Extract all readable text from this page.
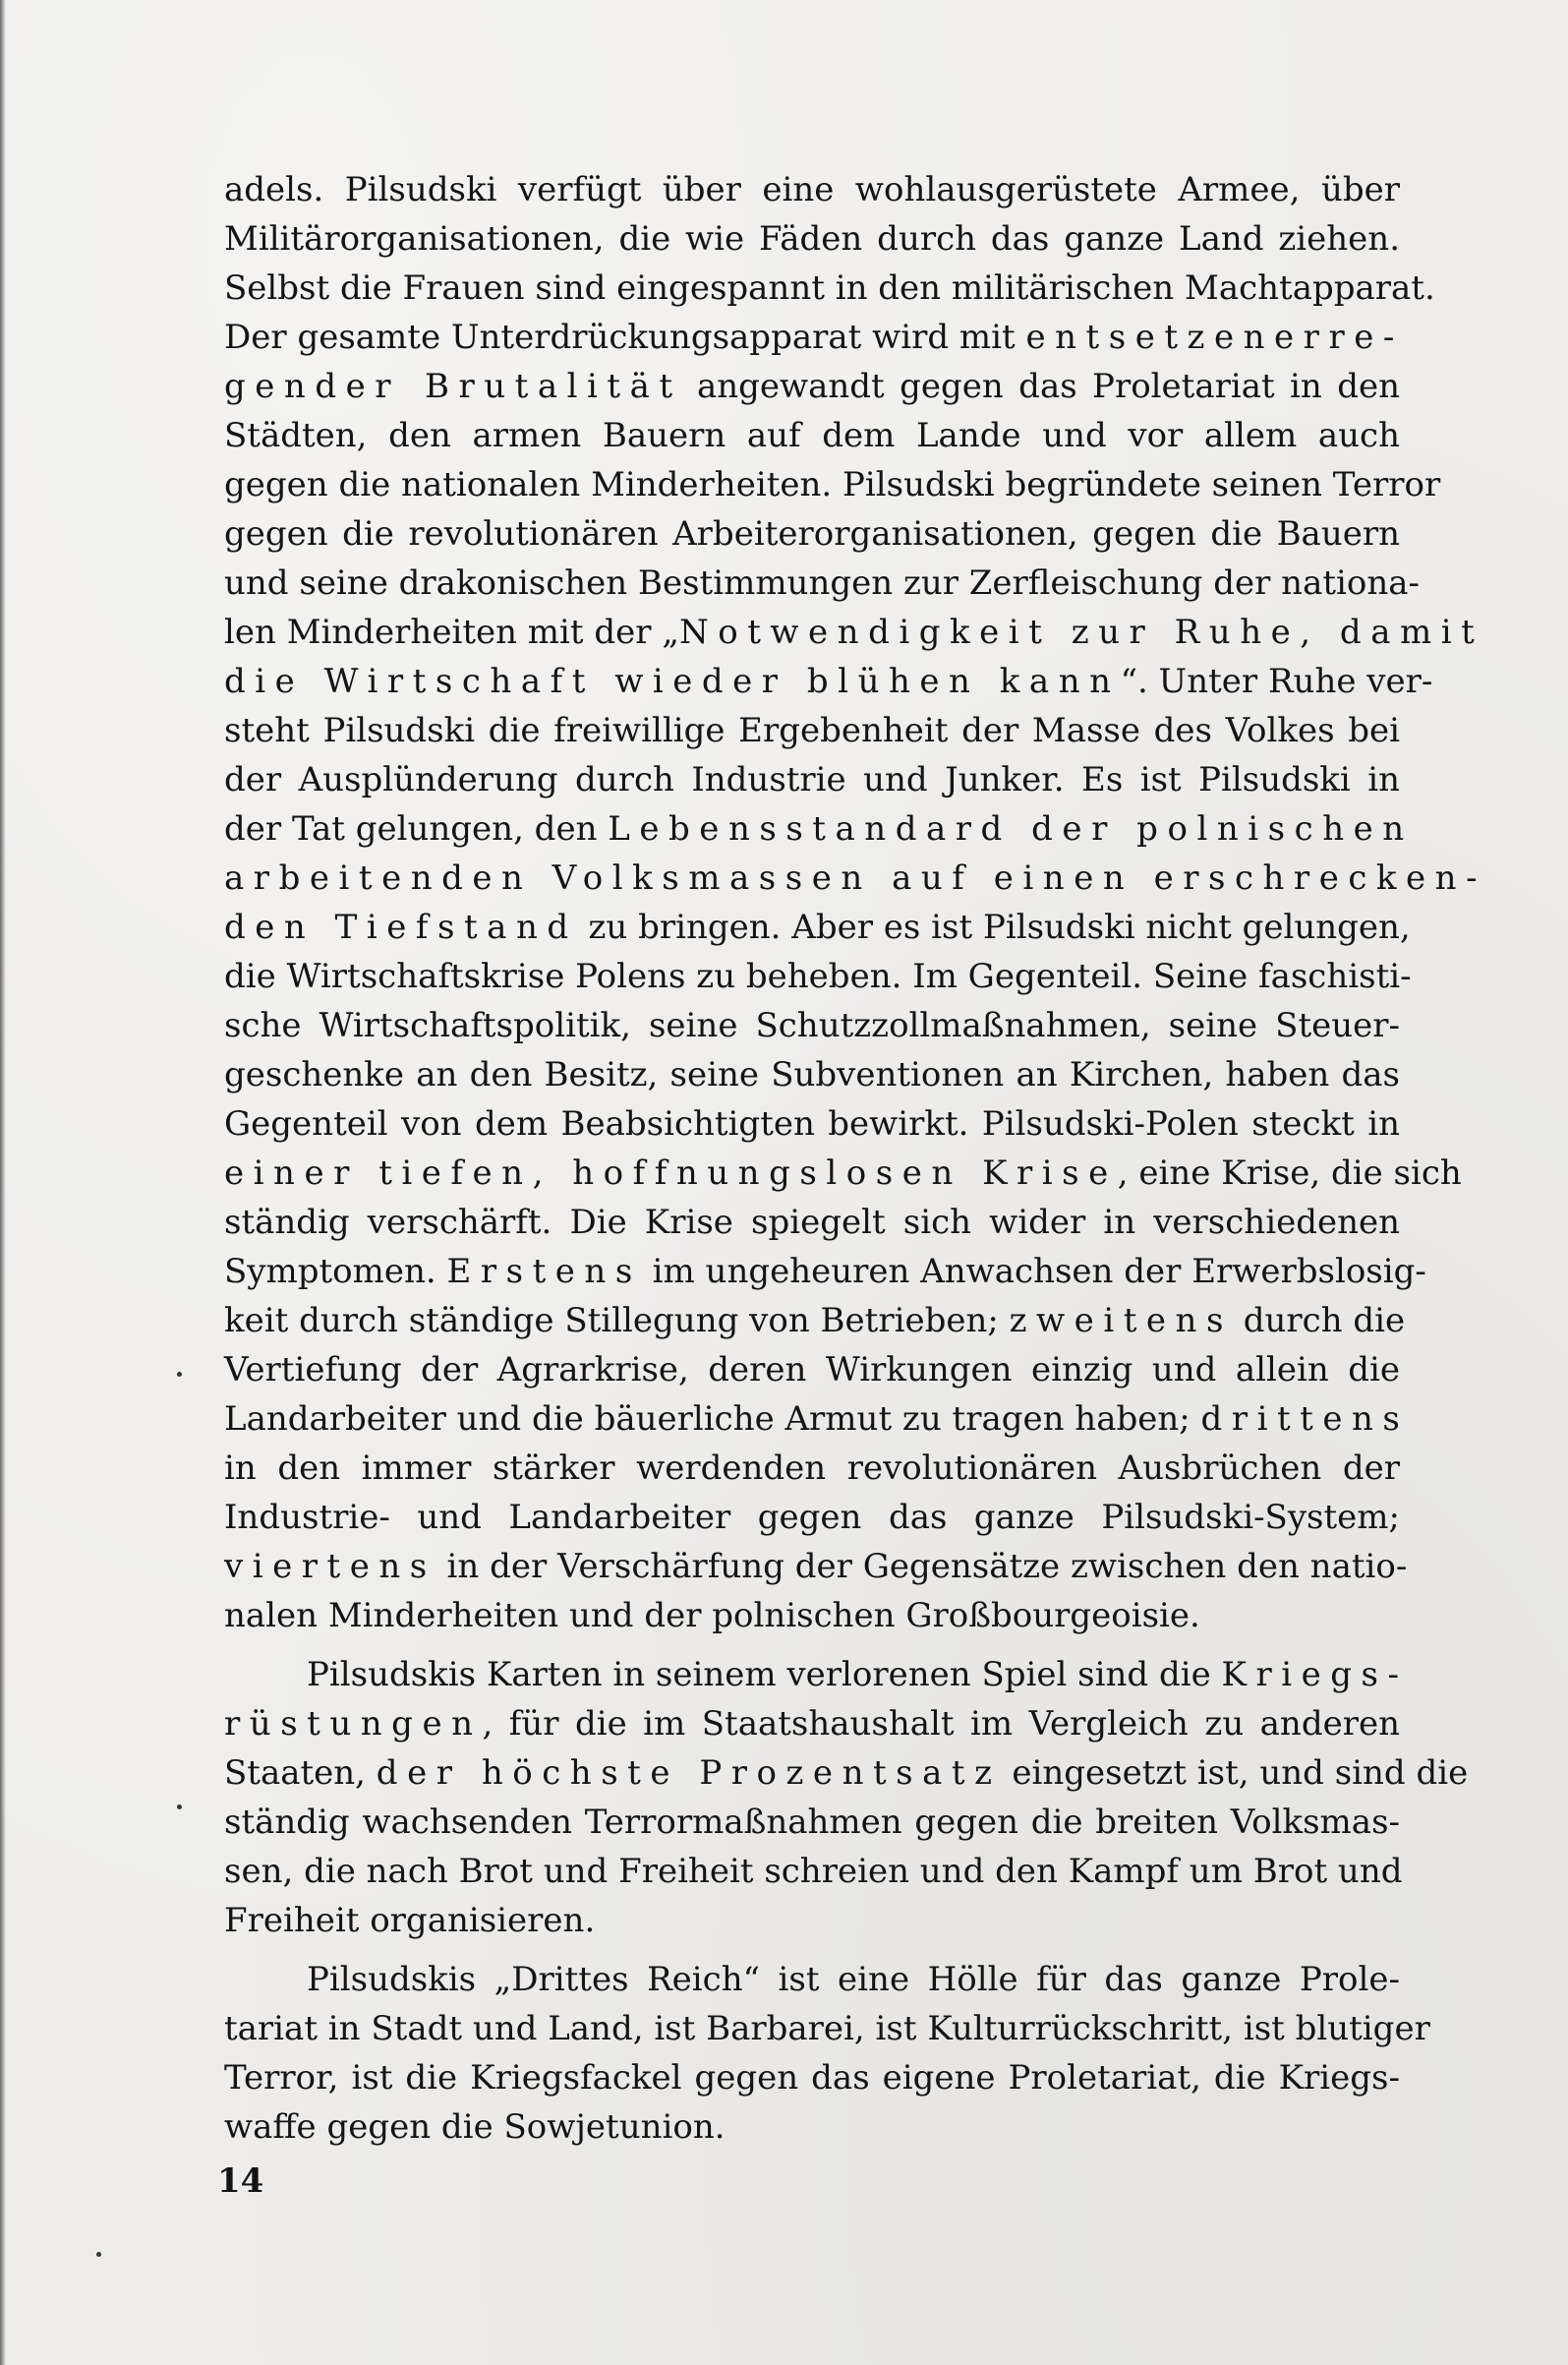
adels. Pilsudski verfügt über eine wohlausgerüstete Armee, über
Militärorganisationen, die wie Fäden durch das ganze Land ziehen.
Selbst die Frauen sind eingespannt in den militärischen Machtapparat.
Der gesamte Unterdrückungsapparat wird mit entsetzenerre-
gender Brutalität angewandt gegen das Proletariat in den
Städten, den armen Bauern auf dem Lande und vor allem auch
gegen die nationalen Minderheiten. Pilsudski begründete seinen Terror
gegen die revolutionären Arbeiterorganisationen, gegen die Bauern
und seine drakonischen Bestimmungen zur Zerfleischung der nationa-
len Minderheiten mit der „Notwendigkeit zur Ruhe, damit
die Wirtschaft wieder blühen kann“. Unter Ruhe ver-
steht Pilsudski die freiwillige Ergebenheit der Masse des Volkes bei
der Ausplünderung durch Industrie und Junker. Es ist Pilsudski in
der Tat gelungen, den Lebensstandard der polnischen
arbeitenden Volksmassen auf einen erschrecken-
den Tiefstand zu bringen. Aber es ist Pilsudski nicht gelungen,
die Wirtschaftskrise Polens zu beheben. Im Gegenteil. Seine faschisti-
sche Wirtschaftspolitik, seine Schutzzollmaßnahmen, seine Steuer-
geschenke an den Besitz, seine Subventionen an Kirchen, haben das
Gegenteil von dem Beabsichtigten bewirkt. Pilsudski-Polen steckt in
einer tiefen, hoffnungslosen Krise, eine Krise, die sich
ständig verschärft. Die Krise spiegelt sich wider in verschiedenen
Symptomen. Erstens im ungeheuren Anwachsen der Erwerbslosig-
keit durch ständige Stillegung von Betrieben; zweitens durch die
Vertiefung der Agrarkrise, deren Wirkungen einzig und allein die
Landarbeiter und die bäuerliche Armut zu tragen haben; drittens
in den immer stärker werdenden revolutionären Ausbrüchen der
Industrie- und Landarbeiter gegen das ganze Pilsudski-System;
viertens in der Verschärfung der Gegensätze zwischen den natio-
nalen Minderheiten und der polnischen Großbourgeoisie.
Pilsudskis Karten in seinem verlorenen Spiel sind die Kriegs-
rüstungen, für die im Staatshaushalt im Vergleich zu anderen
Staaten, der höchste Prozentsatz eingesetzt ist, und sind die
ständig wachsenden Terrormaßnahmen gegen die breiten Volksmas-
sen, die nach Brot und Freiheit schreien und den Kampf um Brot und
Freiheit organisieren.
Pilsudskis „Drittes Reich“ ist eine Hölle für das ganze Prole-
tariat in Stadt und Land, ist Barbarei, ist Kulturrückschritt, ist blutiger
Terror, ist die Kriegsfackel gegen das eigene Proletariat, die Kriegs-
waffe gegen die Sowjetunion.
14
